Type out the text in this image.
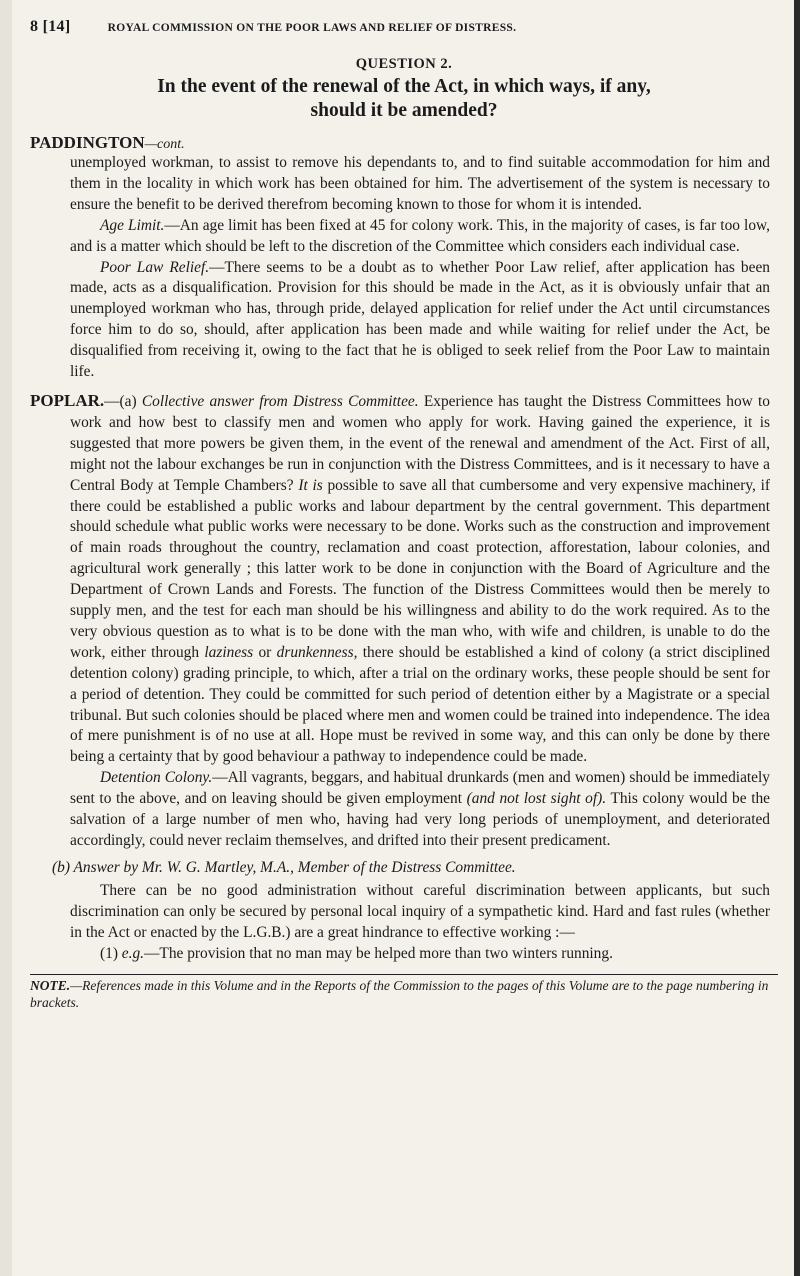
8 [14]	ROYAL COMMISSION ON THE POOR LAWS AND RELIEF OF DISTRESS.
QUESTION 2.
In the event of the renewal of the Act, in which ways, if any,
should it be amended?
PADDINGTON—cont.

unemployed workman, to assist to remove his dependants to, and to find suitable accommodation for him and them in the locality in which work has been obtained for him. The advertisement of the system is necessary to ensure the benefit to be derived therefrom becoming known to those for whom it is intended.

Age Limit.—An age limit has been fixed at 45 for colony work. This, in the majority of cases, is far too low, and is a matter which should be left to the discretion of the Committee which considers each individual case.

Poor Law Relief.—There seems to be a doubt as to whether Poor Law relief, after application has been made, acts as a disqualification. Provision for this should be made in the Act, as it is obviously unfair that an unemployed workman who has, through pride, delayed application for relief under the Act until circumstances force him to do so, should, after application has been made and while waiting for relief under the Act, be disqualified from receiving it, owing to the fact that he is obliged to seek relief from the Poor Law to maintain life.

POPLAR.—(a) Collective answer from Distress Committee. Experience has taught the Distress Committees how to work and how best to classify men and women who apply for work. Having gained the experience, it is suggested that more powers be given them, in the event of the renewal and amendment of the Act. First of all, might not the labour exchanges be run in conjunction with the Distress Committees, and is it necessary to have a Central Body at Temple Chambers? It is possible to save all that cumbersome and very expensive machinery, if there could be established a public works and labour department by the central government. This department should schedule what public works were necessary to be done. Works such as the construction and improvement of main roads throughout the country, reclamation and coast protection, afforestation, labour colonies, and agricultural work generally ; this latter work to be done in conjunction with the Board of Agriculture and the Department of Crown Lands and Forests. The function of the Distress Committees would then be merely to supply men, and the test for each man should be his willingness and ability to do the work required. As to the very obvious question as to what is to be done with the man who, with wife and children, is unable to do the work, either through laziness or drunkenness, there should be established a kind of colony (a strict disciplined detention colony) grading principle, to which, after a trial on the ordinary works, these people should be sent for a period of detention. They could be committed for such period of detention either by a Magistrate or a special tribunal. But such colonies should be placed where men and women could be trained into independence. The idea of mere punishment is of no use at all. Hope must be revived in some way, and this can only be done by there being a certainty that by good behaviour a pathway to independence could be made.

Detention Colony.—All vagrants, beggars, and habitual drunkards (men and women) should be immediately sent to the above, and on leaving should be given employment (and not lost sight of). This colony would be the salvation of a large number of men who, having had very long periods of unemployment, and deteriorated accordingly, could never reclaim themselves, and drifted into their present predicament.

(b) Answer by Mr. W. G. Martley, M.A., Member of the Distress Committee.

There can be no good administration without careful discrimination between applicants, but such discrimination can only be secured by personal local inquiry of a sympathetic kind. Hard and fast rules (whether in the Act or enacted by the L.G.B.) are a great hindrance to effective working :—

(1) e.g.—The provision that no man may be helped more than two winters running.

NOTE.—References made in this Volume and in the Reports of the Commission to the pages of this Volume are to the page numbering in brackets.
